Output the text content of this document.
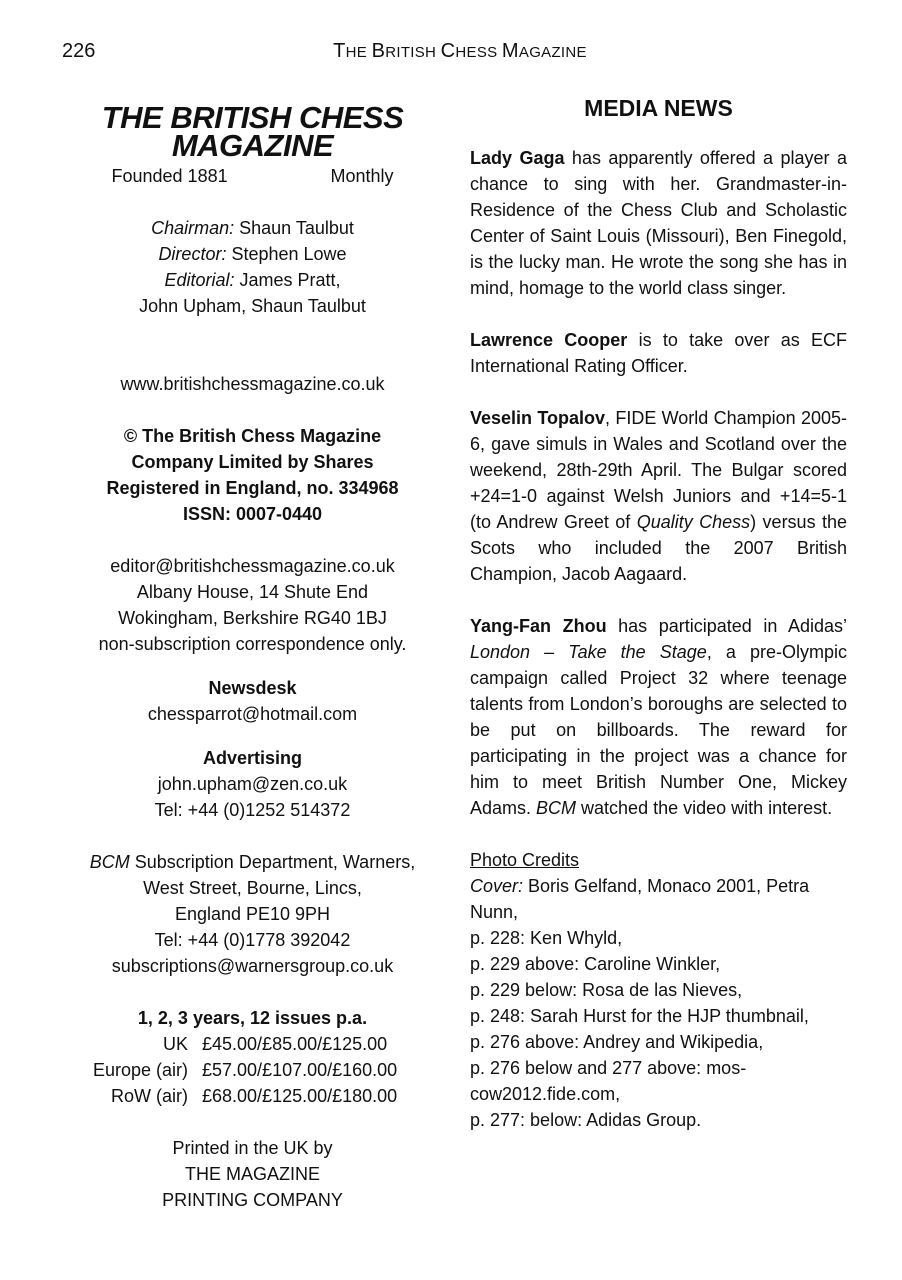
226	THE BRITISH CHESS MAGAZINE
THE BRITISH CHESS
MAGAZINE
Founded 1881	Monthly
Chairman: Shaun Taulbut
Director: Stephen Lowe
Editorial: James Pratt,
John Upham, Shaun Taulbut
www.britishchessmagazine.co.uk
© The British Chess Magazine
Company Limited by Shares
Registered in England, no. 334968
ISSN: 0007-0440
editor@britishchessmagazine.co.uk
Albany House, 14 Shute End
Wokingham, Berkshire RG40 1BJ
non-subscription correspondence only.
Newsdesk
chessparrot@hotmail.com
Advertising
john.upham@zen.co.uk
Tel: +44 (0)1252 514372
BCM Subscription Department, Warners,
West Street, Bourne, Lincs,
England PE10 9PH
Tel: +44 (0)1778 392042
subscriptions@warnersgroup.co.uk
1, 2, 3 years, 12 issues p.a.
UK £45.00/£85.00/£125.00
Europe (air) £57.00/£107.00/£160.00
RoW (air) £68.00/£125.00/£180.00
Printed in the UK by
THE MAGAZINE
PRINTING COMPANY
MEDIA NEWS

Lady Gaga has apparently offered a player a chance to sing with her. Grandmaster-in-Residence of the Chess Club and Scholastic Center of Saint Louis (Missouri), Ben Finegold, is the lucky man. He wrote the song she has in mind, homage to the world class singer.

Lawrence Cooper is to take over as ECF International Rating Officer.

Veselin Topalov, FIDE World Champion 2005-6, gave simuls in Wales and Scotland over the weekend, 28th-29th April. The Bulgar scored +24=1-0 against Welsh Juniors and +14=5-1 (to Andrew Greet of Quality Chess) versus the Scots who included the 2007 British Champion, Jacob Aagaard.

Yang-Fan Zhou has participated in Adidas’ London – Take the Stage, a pre-Olympic campaign called Project 32 where teenage talents from London’s boroughs are selected to be put on billboards. The reward for participating in the project was a chance for him to meet British Number One, Mickey Adams. BCM watched the video with interest.

Photo Credits
Cover: Boris Gelfand, Monaco 2001, Petra Nunn,
p. 228: Ken Whyld,
p. 229 above: Caroline Winkler,
p. 229 below: Rosa de las Nieves,
p. 248: Sarah Hurst for the HJP thumbnail,
p. 276 above: Andrey and Wikipedia,
p. 276 below and 277 above: mos-
cow2012.fide.com,
p. 277: below: Adidas Group.
